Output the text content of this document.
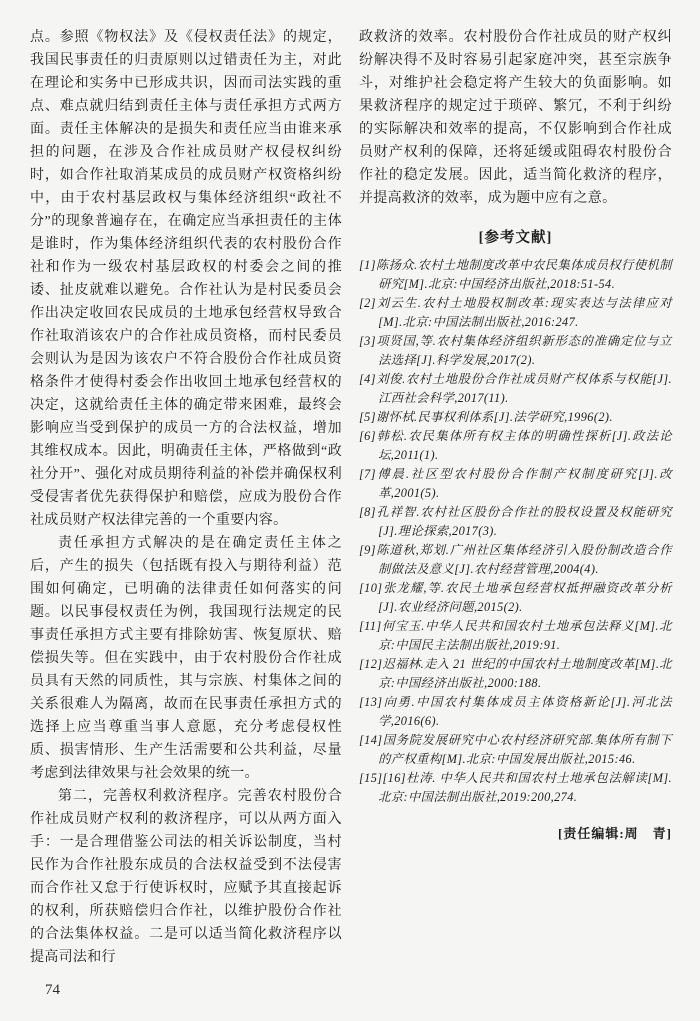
点。参照《物权法》及《侵权责任法》的规定，我国民事责任的归责原则以过错责任为主，对此在理论和实务中已形成共识，因而司法实践的重点、难点就归结到责任主体与责任承担方式两方面。责任主体解决的是损失和责任应当由谁来承担的问题，在涉及合作社成员财产权侵权纠纷时，如合作社取消某成员的成员财产权资格纠纷中，由于农村基层政权与集体经济组织“政社不分”的现象普遍存在，在确定应当承担责任的主体是谁时，作为集体经济组织代表的农村股份合作社和作为一级农村基层政权的村委会之间的推诿、扯皮就难以避免。合作社认为是村民委员会作出决定收回农民成员的土地承包经营权导致合作社取消该农户的合作社成员资格，而村民委员会则认为是因为该农户不符合股份合作社成员资格条件才使得村委会作出收回土地承包经营权的决定，这就给责任主体的确定带来困难，最终会影响应当受到保护的成员一方的合法权益，增加其维权成本。因此，明确责任主体，严格做到“政社分开”、强化对成员期待利益的补偿并确保权利受侵害者优先获得保护和赔偿，应成为股份合作社成员财产权法律完善的一个重要内容。

责任承担方式解决的是在确定责任主体之后，产生的损失（包括既有投入与期待利益）范围如何确定，已明确的法律责任如何落实的问题。以民事侵权责任为例，我国现行法规定的民事责任承担方式主要有排除妨害、恢复原状、赔偿损失等。但在实践中，由于农村股份合作社成员具有天然的同质性，其与宗族、村集体之间的关系很难人为隔离，故而在民事责任承担方式的选择上应当尊重当事人意愿，充分考虑侵权性质、损害情形、生产生活需要和公共利益，尽量考虑到法律效果与社会效果的统一。

第二，完善权利救济程序。完善农村股份合作社成员财产权利的救济程序，可以从两方面入手：一是合理借鉴公司法的相关诉讼制度，当村民作为合作社股东成员的合法权益受到不法侵害而合作社又怠于行使诉权时，应赋予其直接起诉的权利，所获赔偿归合作社，以维护股份合作社的合法集体权益。二是可以适当简化救济程序以提高司法和行

政救济的效率。农村股份合作社成员的财产权纠纷解决得不及时容易引起家庭冲突，甚至宗族争斗，对维护社会稳定将产生较大的负面影响。如果救济程序的规定过于琐碎、繁冗，不利于纠纷的实际解决和效率的提高，不仅影响到合作社成员财产权利的保障，还将延缓或阻碍农村股份合作社的稳定发展。因此，适当简化救济的程序，并提高救济的效率，成为题中应有之意。

[参考文献]
[1]陈扬众.农村土地制度改革中农民集体成员权行使机制研究[M].北京:中国经济出版社,2018:51-54.
[2]刘云生.农村土地股权制改革:现实表达与法律应对[M].北京:中国法制出版社,2016:247.
[3]项贤国,等.农村集体经济组织新形态的准确定位与立法选择[J].科学发展,2017(2).
[4]刘俊.农村土地股份合作社成员财产权体系与权能[J].江西社会科学,2017(11).
[5]谢怀栻.民事权利体系[J].法学研究,1996(2).
[6]韩松.农民集体所有权主体的明确性探析[J].政法论坛,2011(1).
[7]傅晨.社区型农村股份合作制产权制度研究[J].改革,2001(5).
[8]孔祥智.农村社区股份合作社的股权设置及权能研究[J].理论探索,2017(3).
[9]陈道秋,郑划.广州社区集体经济引入股份制改造合作制做法及意义[J].农村经营管理,2004(4).
[10]张龙耀,等.农民土地承包经营权抵押融资改革分析[J].农业经济问题,2015(2).
[11]何宝玉.中华人民共和国农村土地承包法释义[M].北京:中国民主法制出版社,2019:91.
[12]迟福林.走入 21 世纪的中国农村土地制度改革[M].北京:中国经济出版社,2000:188.
[13]向勇.中国农村集体成员主体资格新论[J].河北法学,2016(6).
[14]国务院发展研究中心农村经济研究部.集体所有制下的产权重构[M].北京:中国发展出版社,2015:46.
[15][16]杜涛. 中华人民共和国农村土地承包法解读[M].北京:中国法制出版社,2019:200,274.
[责任编辑:周　青]
74
